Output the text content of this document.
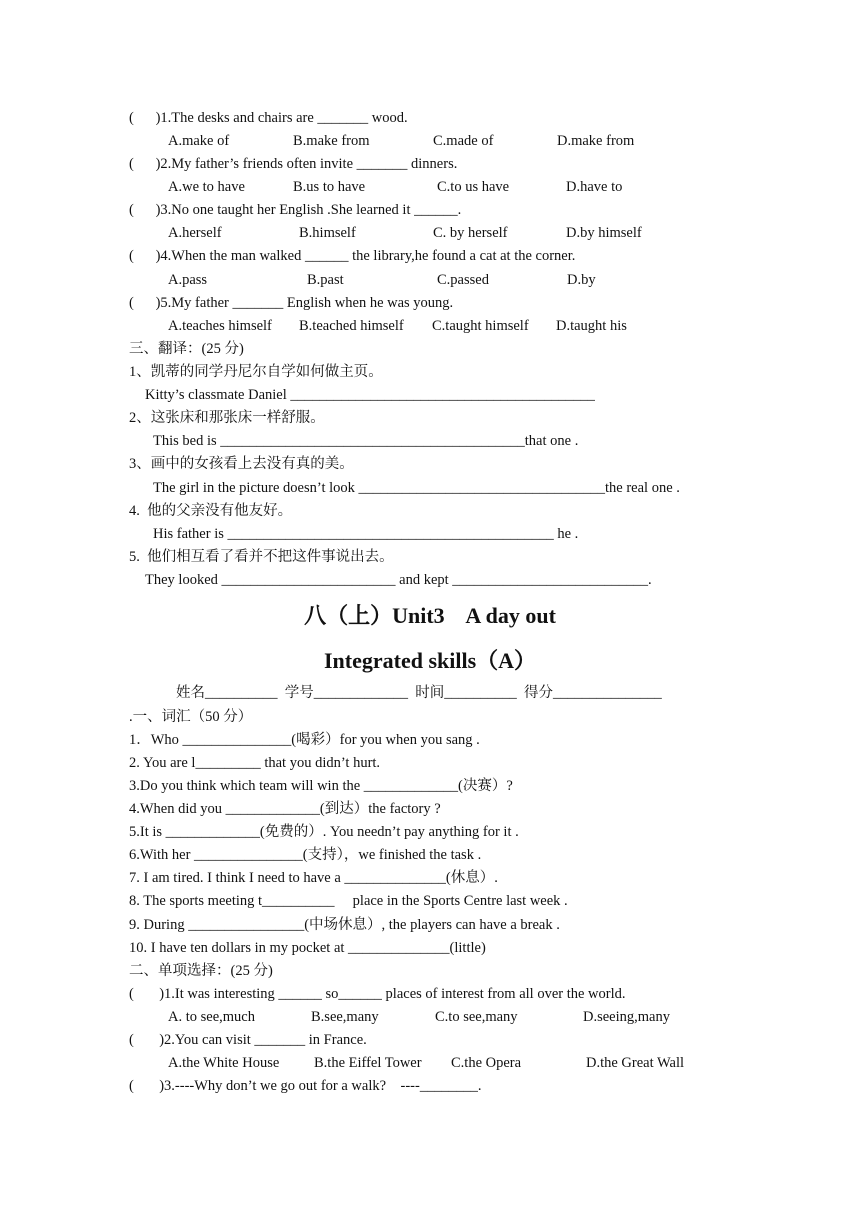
(      )1.The desks and chairs are _______ wood.
A.make of	B.make from	C.made of	D.make from
(      )2.My father’s friends often invite _______ dinners.
A.we to have	B.us to have	C.to us have	D.have to
(      )3.No one taught her English .She learned it ______.
A.herself	B.himself	C. by herself	D.by himself
(      )4.When the man walked ______ the library,he found a cat at the corner.
A.pass	B.past	C.passed	D.by
(      )5.My father _______ English when he was young.
A.teaches himself B.teached himself C.taught himself D.taught his
三、翻译：(25 分)
1、凯蒂的同学丹尼尔自学如何做主页。
Kitty’s classmate Daniel __________________________________________
2、这张床和那张床一样舒服。
This bed is __________________________________________that one .
3、画中的女孩看上去没有真的美。
The girl in the picture doesn’t look __________________________________the real one .
4.  他的父亲没有他友好。
His father is _____________________________________________ he .
5.  他们相互看了看并不把这件事说出去。
They looked ________________________ and kept ___________________________.
八（上）Unit3    A day out
Integrated skills（A）
姓名__________  学号_____________  时间__________  得分_______________
.一、词汇（50 分）
1．Who _______________(喝彩）for you when you sang .
2. You are l_________ that you didn’t hurt.
3.Do you think which team will win the _____________(决赛）?
4.When did you _____________(到达）the factory ?
5.It is _____________(免费的）. You needn’t pay anything for it .
6.With her _______________(支持），we finished the task .
7. I am tired. I think I need to have a ______________(休息）.
8. The sports meeting t__________     place in the Sports Centre last week .
9. During ________________(中场休息）, the players can have a break .
10. I have ten dollars in my pocket at ______________(little)
二、单项选择：(25 分)
(       )1.It was interesting ______ so______ places of interest from all over the world.
A. to see,much	B.see,many	C.to see,many	D.seeing,many
(       )2.You can visit _______ in France.
A.the White House B.the Eiffel Tower C.the Opera	D.the Great Wall
(       )3.----Why don’t we go out for a walk?    ----________.
